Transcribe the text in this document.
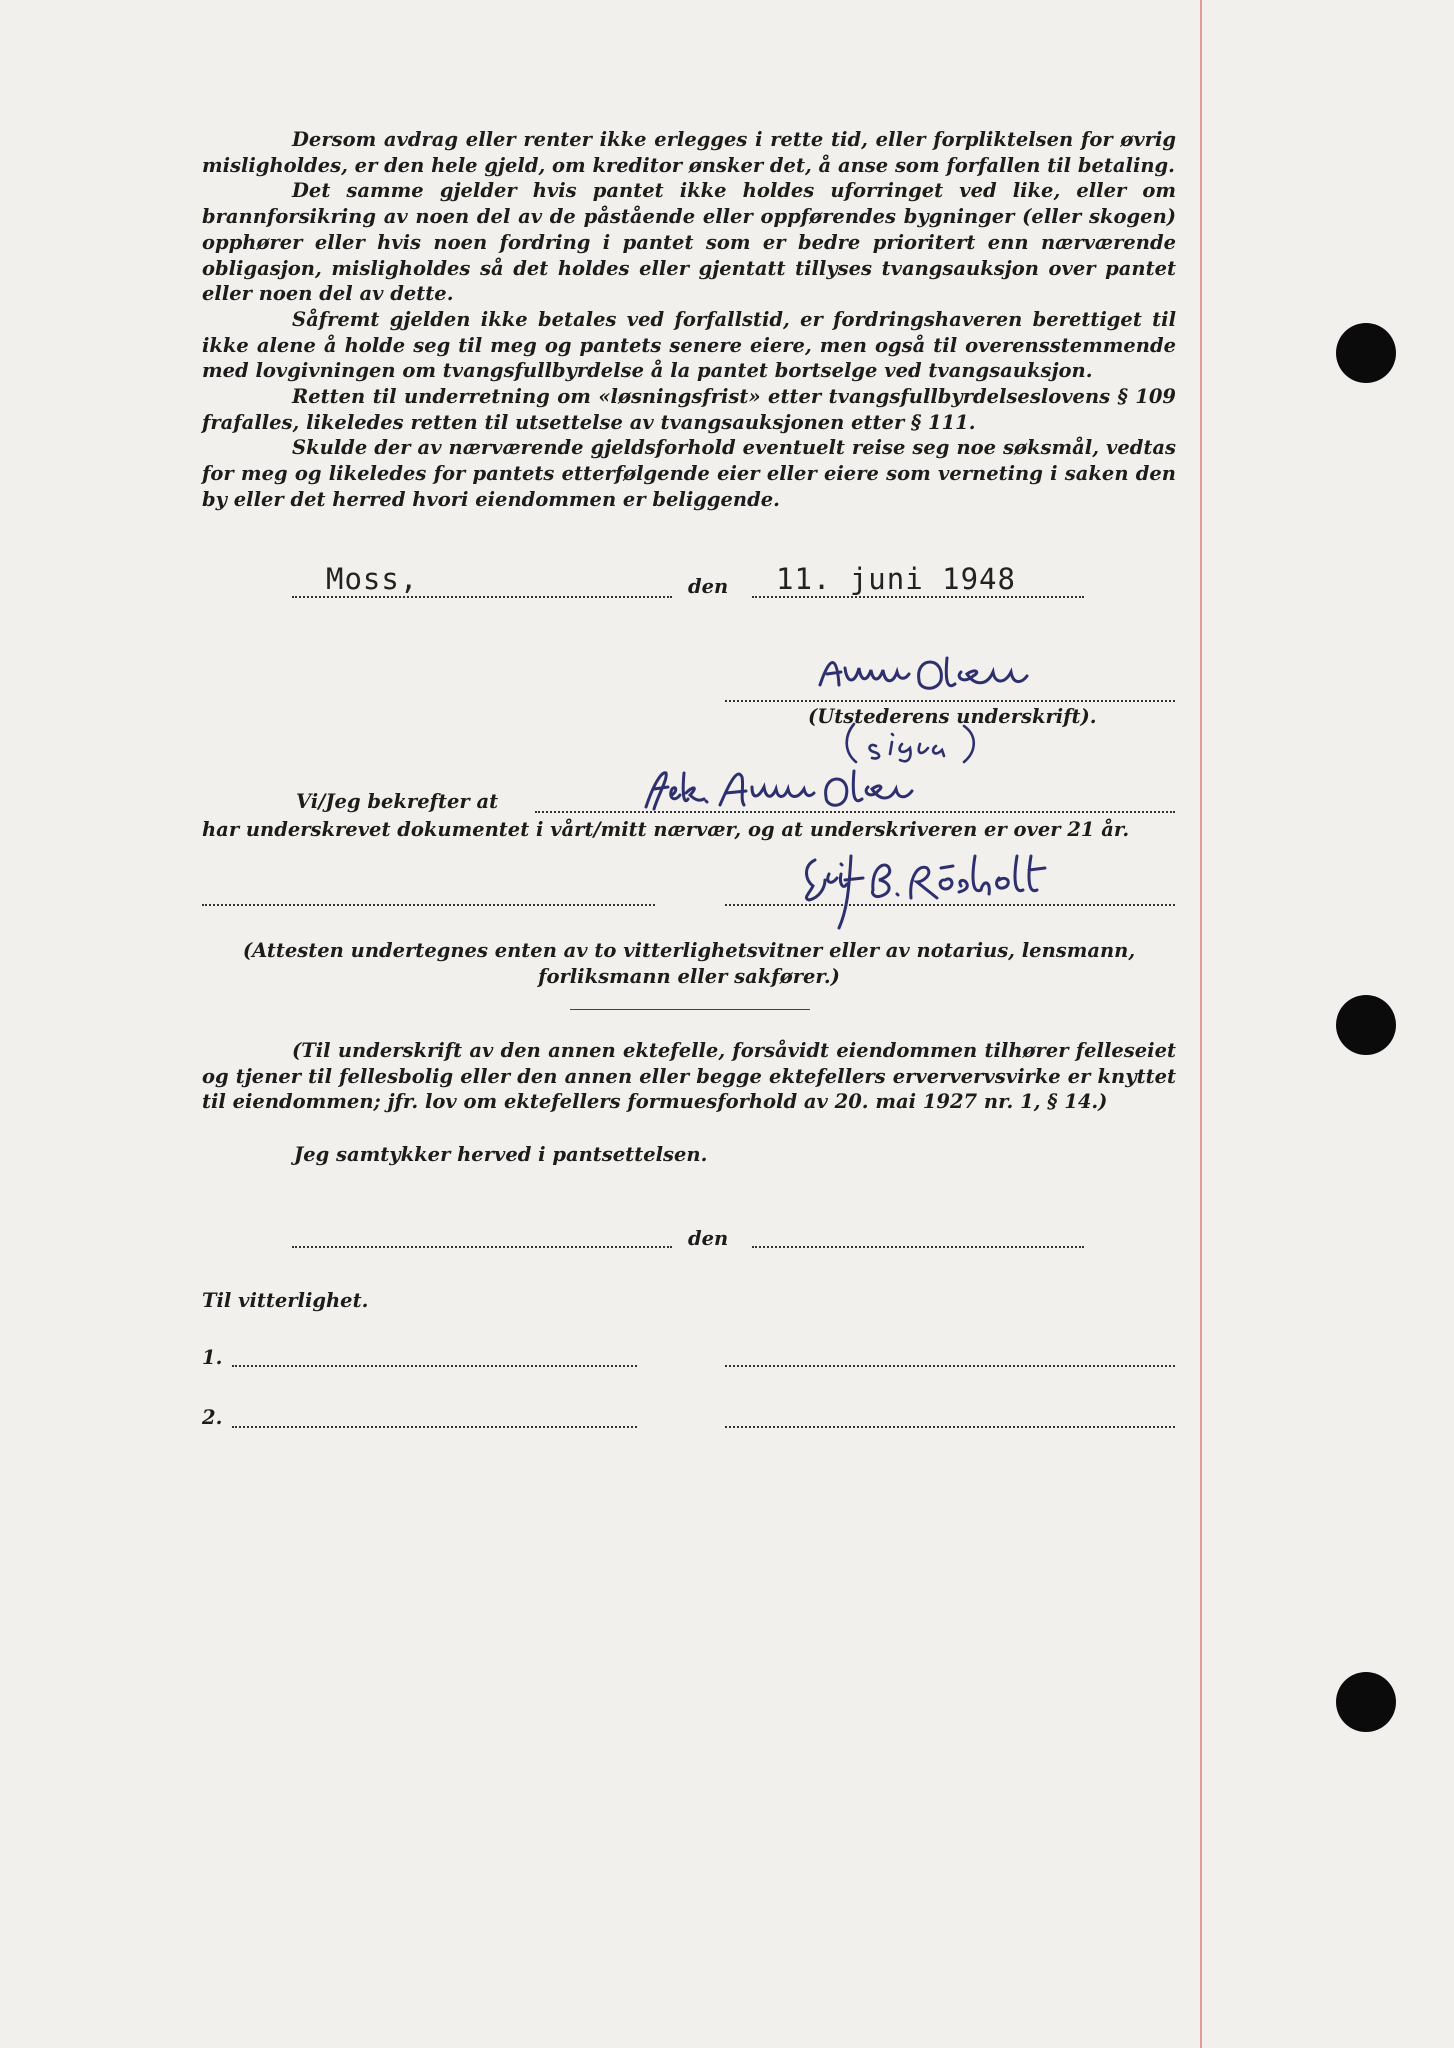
Dersom avdrag eller renter ikke erlegges i rette tid, eller forpliktelsen for øvrig misligholdes, er den hele gjeld, om kreditor ønsker det, å anse som forfallen til betaling.

Det samme gjelder hvis pantet ikke holdes uforringet ved like, eller om brannforsikring av noen del av de påstående eller oppførendes bygninger (eller skogen) opphører eller hvis noen fordring i pantet som er bedre prioritert enn nærværende obligasjon, misligholdes så det holdes eller gjentatt tillyses tvangsauksjon over pantet eller noen del av dette.

Såfremt gjelden ikke betales ved forfallstid, er fordringshaveren berettiget til ikke alene å holde seg til meg og pantets senere eiere, men også til overensstemmende med lovgivningen om tvangsfullbyrdelse å la pantet bortselge ved tvangsauksjon.

Retten til underretning om «løsningsfrist» etter tvangsfullbyrdelseslovens § 109 frafalles, likeledes retten til utsettelse av tvangsauksjonen etter § 111.

Skulde der av nærværende gjeldsforhold eventuelt reise seg noe søksmål, vedtas for meg og likeledes for pantets etterfølgende eier eller eiere som verneting i saken den by eller det herred hvori eiendommen er beliggende.

Moss,	den 11. juni 1948
(Utstederens underskrift).
Vi/Jeg bekrefter at
har underskrevet dokumentet i vårt/mitt nærvær, og at underskriveren er over 21 år.
(Attesten undertegnes enten av to vitterlighetsvitner eller av notarius, lensmann, forliksmann eller sakfører.)

(Til underskrift av den annen ektefelle, forsåvidt eiendommen tilhører felleseiet og tjener til fellesbolig eller den annen eller begge ektefellers erververvsvirke er knyttet til eiendommen; jfr. lov om ektefellers formuesforhold av 20. mai 1927 nr. 1, § 14.)

Jeg samtykker herved i pantsettelsen.
den
Til vitterlighet.
1.
2.
